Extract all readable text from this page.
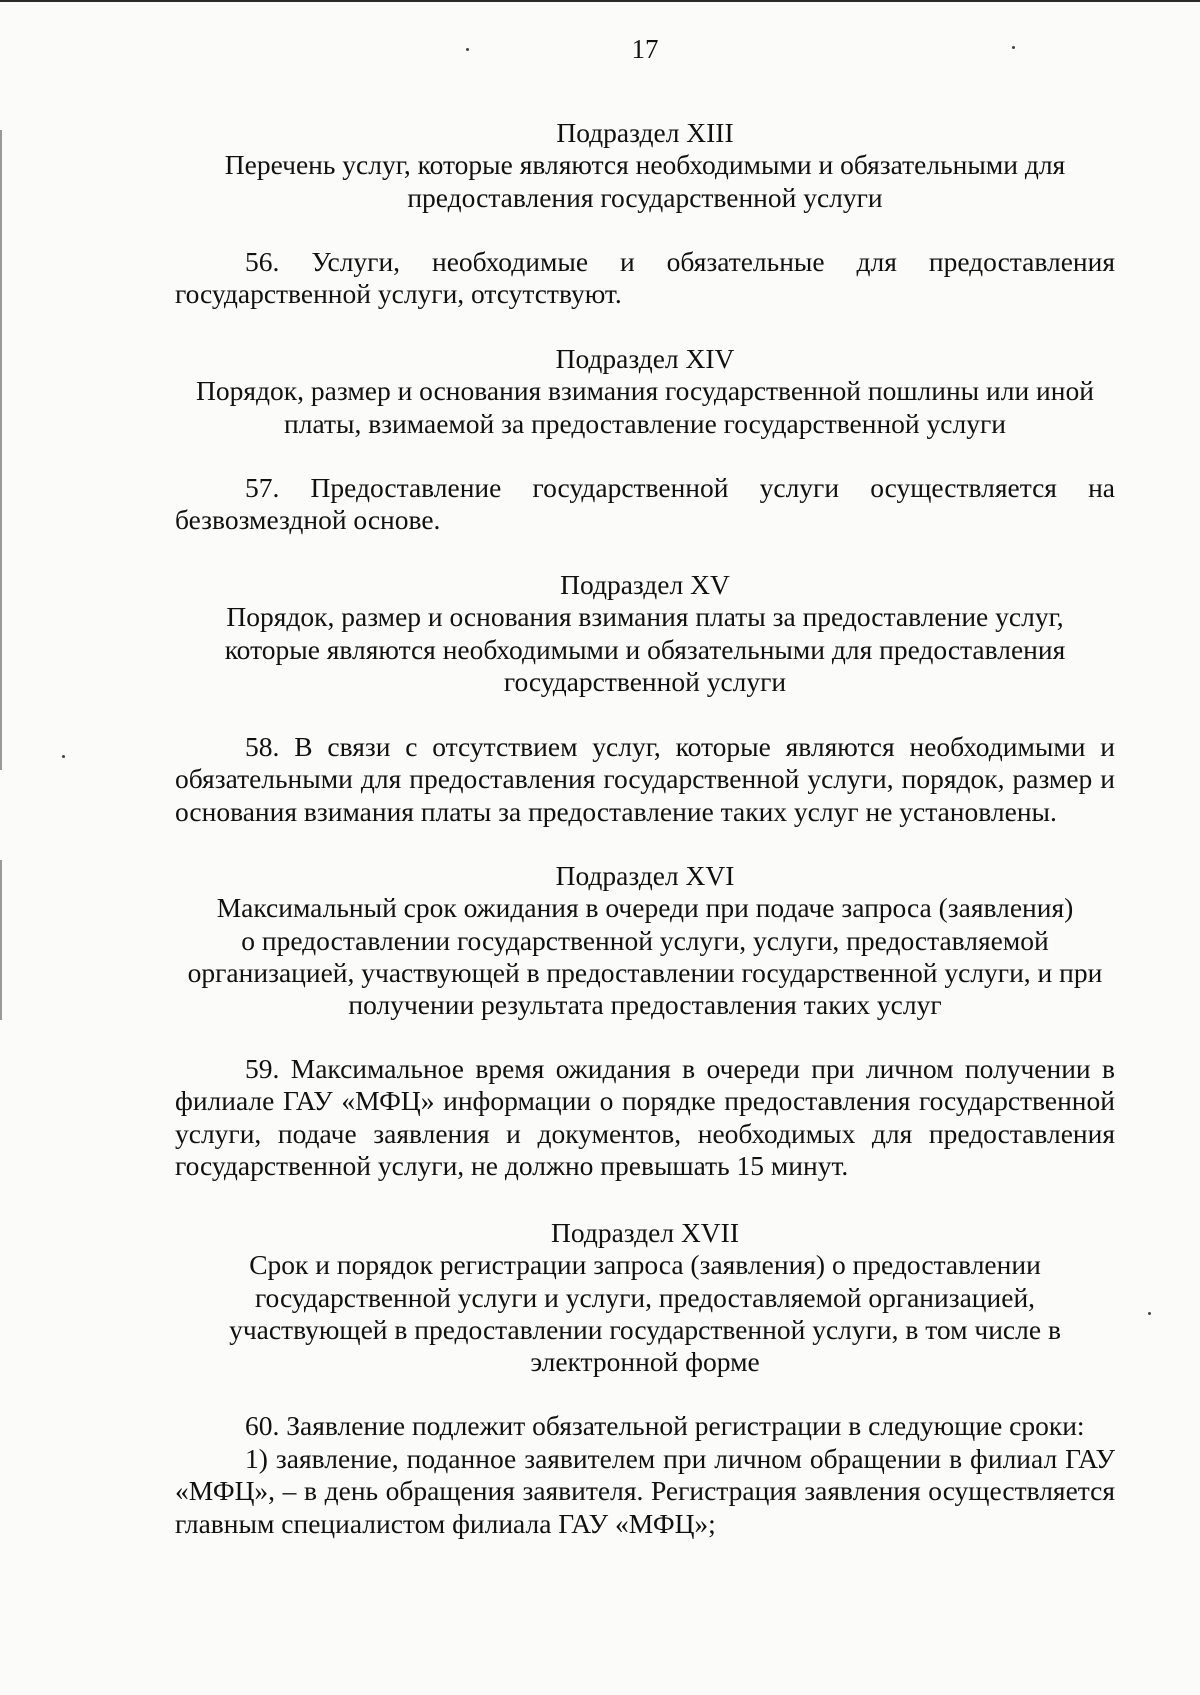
17
Подраздел XIII
Перечень услуг, которые являются необходимыми и обязательными для
предоставления государственной услуги

56. Услуги, необходимые и обязательные для предоставления государственной услуги, отсутствуют.

Подраздел XIV
Порядок, размер и основания взимания государственной пошлины или иной
платы, взимаемой за предоставление государственной услуги

57. Предоставление государственной услуги осуществляется на безвозмездной основе.

Подраздел XV
Порядок, размер и основания взимания платы за предоставление услуг,
которые являются необходимыми и обязательными для предоставления
государственной услуги

58. В связи с отсутствием услуг, которые являются необходимыми и обязательными для предоставления государственной услуги, порядок, размер и основания взимания платы за предоставление таких услуг не установлены.

Подраздел XVI
Максимальный срок ожидания в очереди при подаче запроса (заявления)
о предоставлении государственной услуги, услуги, предоставляемой
организацией, участвующей в предоставлении государственной услуги, и при
получении результата предоставления таких услуг

59. Максимальное время ожидания в очереди при личном получении в филиале ГАУ «МФЦ» информации о порядке предоставления государственной услуги, подаче заявления и документов, необходимых для предоставления государственной услуги, не должно превышать 15 минут.

Подраздел XVII
Срок и порядок регистрации запроса (заявления) о предоставлении
государственной услуги и услуги, предоставляемой организацией,
участвующей в предоставлении государственной услуги, в том числе в
электронной форме

60. Заявление подлежит обязательной регистрации в следующие сроки:

1) заявление, поданное заявителем при личном обращении в филиал ГАУ «МФЦ», – в день обращения заявителя. Регистрация заявления осуществляется главным специалистом филиала ГАУ «МФЦ»;
